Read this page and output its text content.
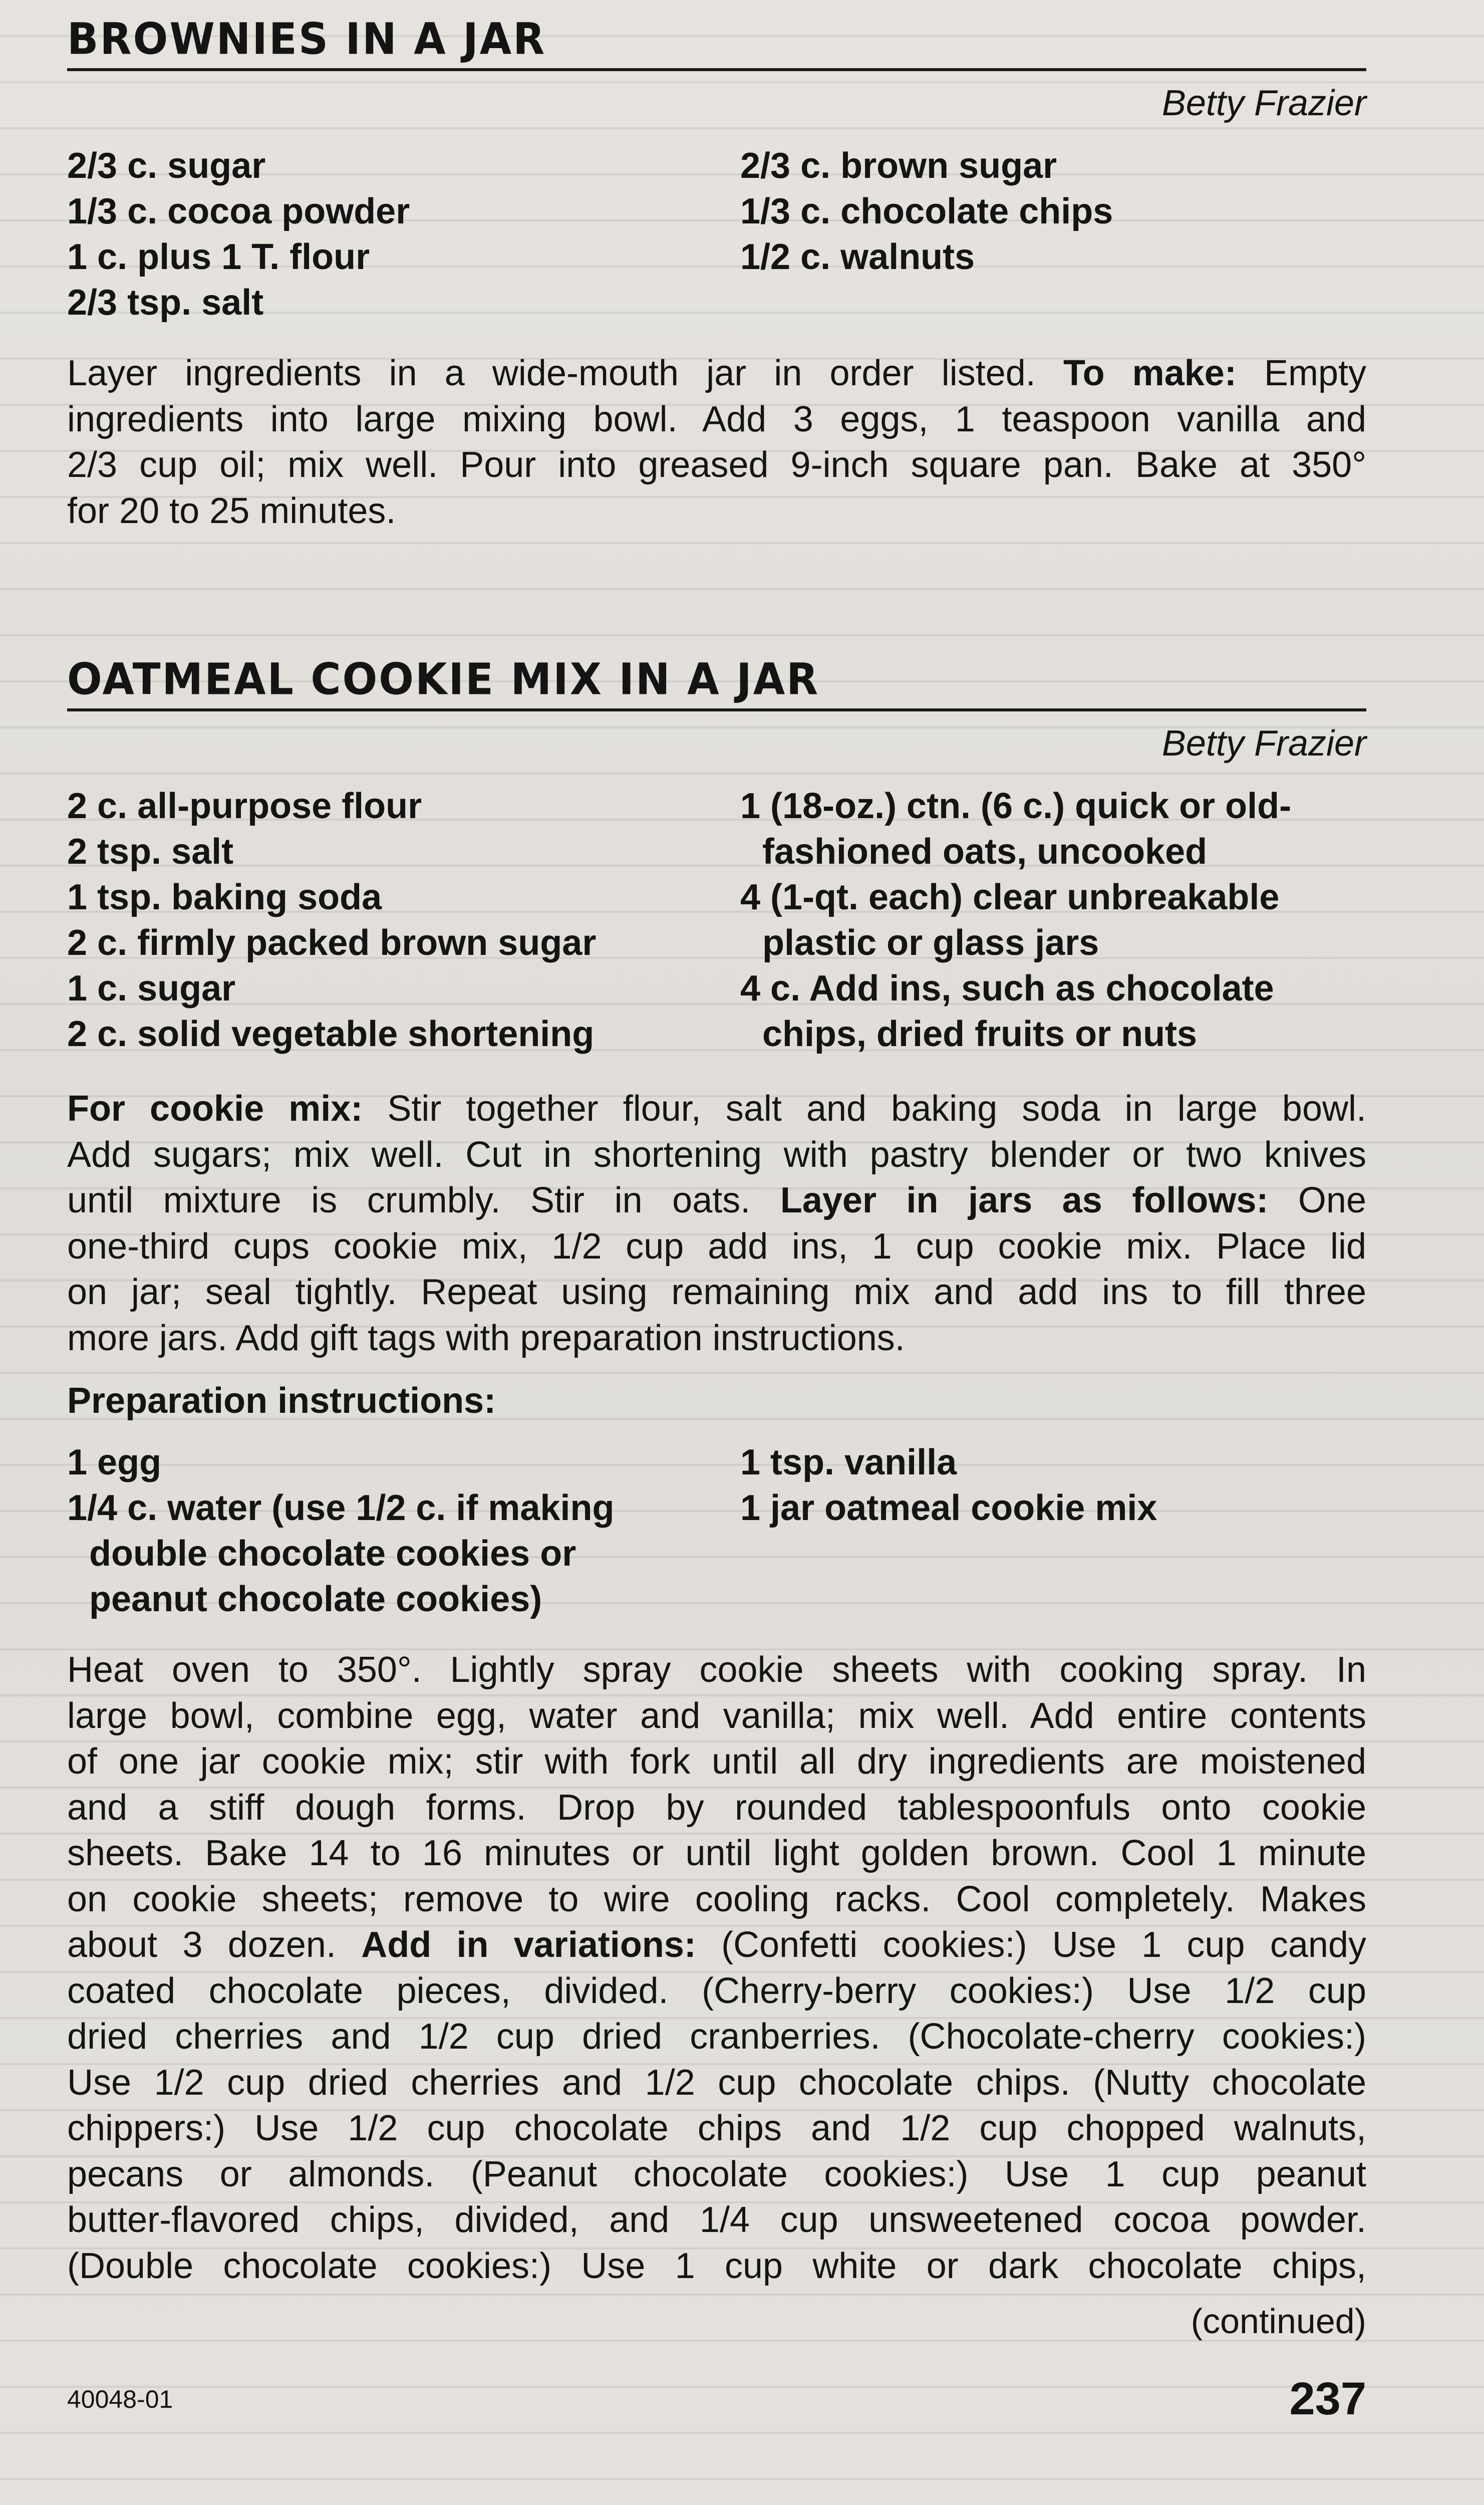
BROWNIES IN A JAR
Betty Frazier
2/3 c. sugar
1/3 c. cocoa powder
1 c. plus 1 T. flour
2/3 tsp. salt
2/3 c. brown sugar
1/3 c. chocolate chips
1/2 c. walnuts
Layer ingredients in a wide-mouth jar in order listed. To make: Empty
ingredients into large mixing bowl. Add 3 eggs, 1 teaspoon vanilla and
2/3 cup oil; mix well. Pour into greased 9-inch square pan. Bake at 350°
for 20 to 25 minutes.
OATMEAL COOKIE MIX IN A JAR
Betty Frazier
2 c. all-purpose flour
2 tsp. salt
1 tsp. baking soda
2 c. firmly packed brown sugar
1 c. sugar
2 c. solid vegetable shortening
1 (18-oz.) ctn. (6 c.) quick or old-
fashioned oats, uncooked
4 (1-qt. each) clear unbreakable
plastic or glass jars
4 c. Add ins, such as chocolate
chips, dried fruits or nuts
For cookie mix: Stir together flour, salt and baking soda in large bowl.
Add sugars; mix well. Cut in shortening with pastry blender or two knives
until mixture is crumbly. Stir in oats. Layer in jars as follows: One
one-third cups cookie mix, 1/2 cup add ins, 1 cup cookie mix. Place lid
on jar; seal tightly. Repeat using remaining mix and add ins to fill three
more jars. Add gift tags with preparation instructions.
Preparation instructions:
1 egg
1/4 c. water (use 1/2 c. if making
double chocolate cookies or
peanut chocolate cookies)
1 tsp. vanilla
1 jar oatmeal cookie mix
Heat oven to 350°. Lightly spray cookie sheets with cooking spray. In
large bowl, combine egg, water and vanilla; mix well. Add entire contents
of one jar cookie mix; stir with fork until all dry ingredients are moistened
and a stiff dough forms. Drop by rounded tablespoonfuls onto cookie
sheets. Bake 14 to 16 minutes or until light golden brown. Cool 1 minute
on cookie sheets; remove to wire cooling racks. Cool completely. Makes
about 3 dozen. Add in variations: (Confetti cookies:) Use 1 cup candy
coated chocolate pieces, divided. (Cherry-berry cookies:) Use 1/2 cup
dried cherries and 1/2 cup dried cranberries. (Chocolate-cherry cookies:)
Use 1/2 cup dried cherries and 1/2 cup chocolate chips. (Nutty chocolate
chippers:) Use 1/2 cup chocolate chips and 1/2 cup chopped walnuts,
pecans or almonds. (Peanut chocolate cookies:) Use 1 cup peanut
butter-flavored chips, divided, and 1/4 cup unsweetened cocoa powder.
(Double chocolate cookies:) Use 1 cup white or dark chocolate chips,
(continued)
40048-01	237
